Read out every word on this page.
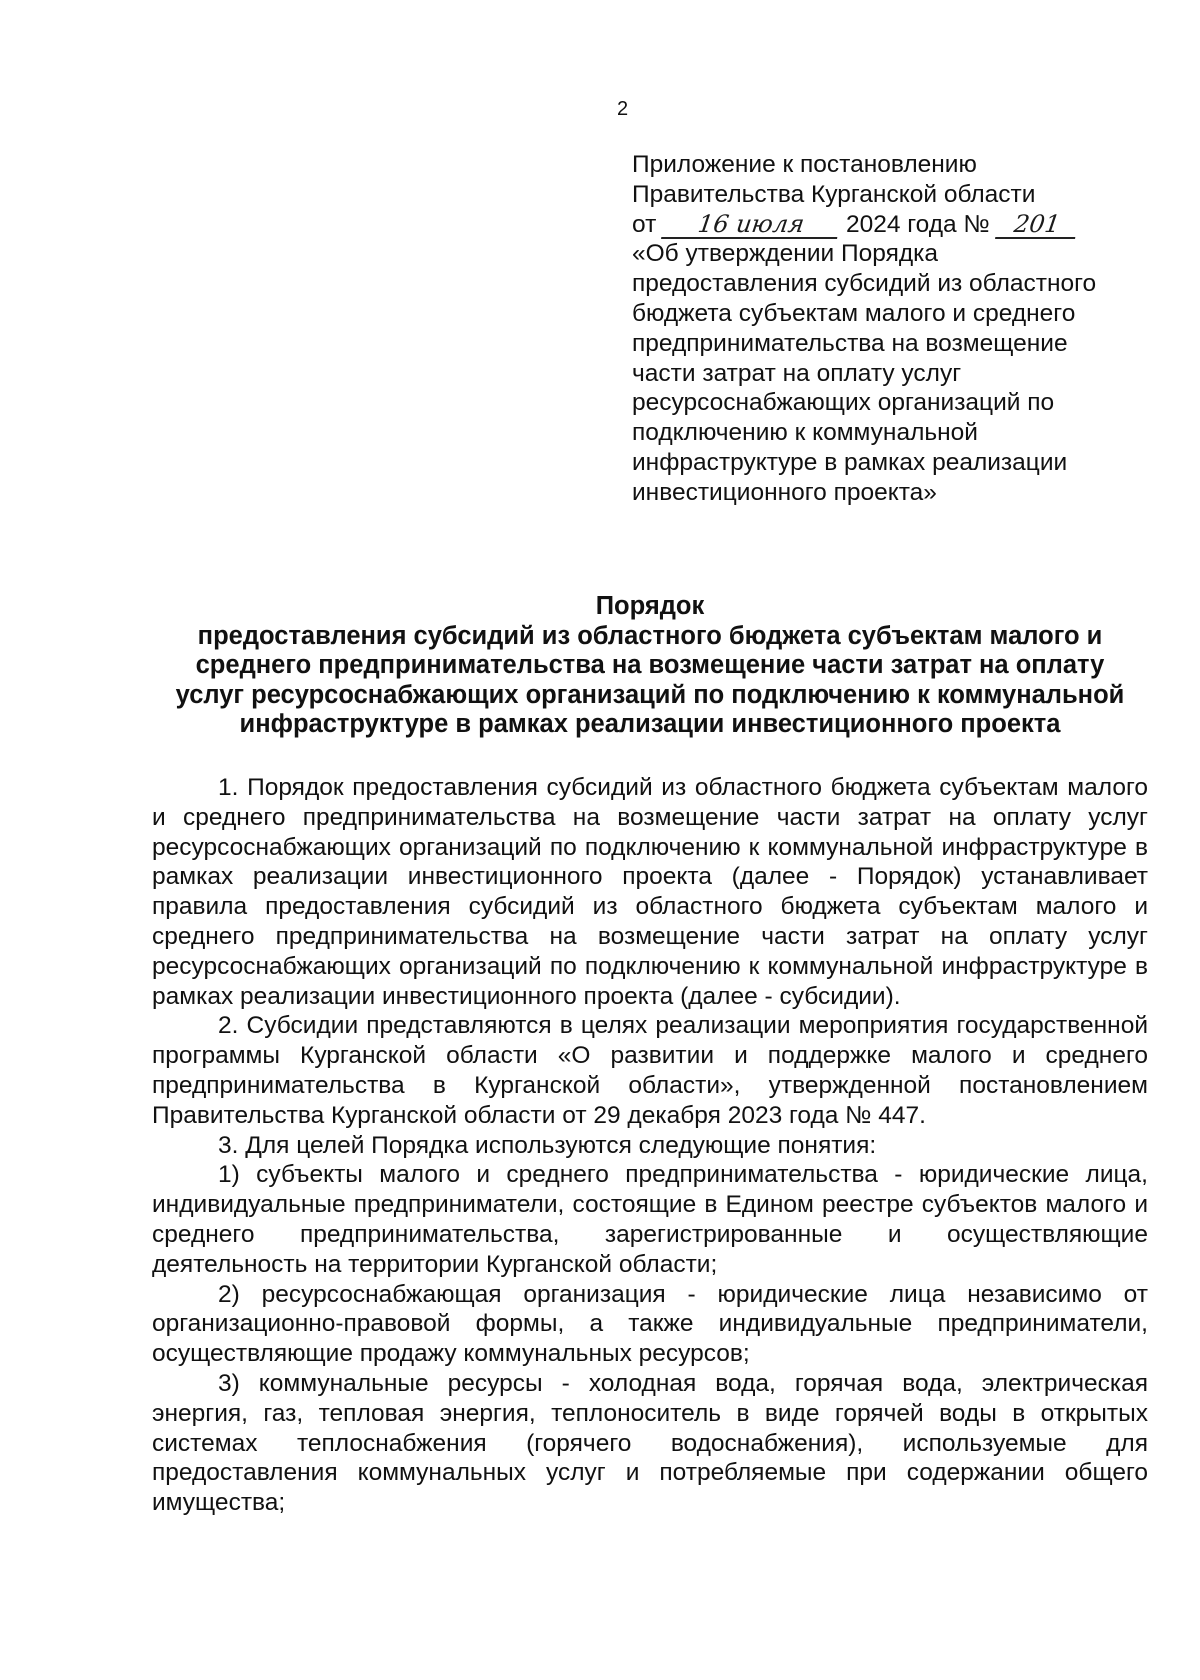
2
Приложение к постановлению
Правительства Курганской области
от 16 июля 2024 года № 201
«Об утверждении Порядка
предоставления субсидий из областного
бюджета субъектам малого и среднего
предпринимательства на возмещение
части затрат на оплату услуг
ресурсоснабжающих организаций по
подключению к коммунальной
инфраструктуре в рамках реализации
инвестиционного проекта»
Порядок
предоставления субсидий из областного бюджета субъектам малого и
среднего предпринимательства на возмещение части затрат на оплату
услуг ресурсоснабжающих организаций по подключению к коммунальной
инфраструктуре в рамках реализации инвестиционного проекта

1. Порядок предоставления субсидий из областного бюджета субъектам малого и среднего предпринимательства на возмещение части затрат на оплату услуг ресурсоснабжающих организаций по подключению к коммунальной инфраструктуре в рамках реализации инвестиционного проекта (далее - Порядок) устанавливает правила предоставления субсидий из областного бюджета субъектам малого и среднего предпринимательства на возмещение части затрат на оплату услуг ресурсоснабжающих организаций по подключению к коммунальной инфраструктуре в рамках реализации инвестиционного проекта (далее - субсидии).

2. Субсидии представляются в целях реализации мероприятия государственной программы Курганской области «О развитии и поддержке малого и среднего предпринимательства в Курганской области», утвержденной постановлением Правительства Курганской области от 29 декабря 2023 года № 447.

3. Для целей Порядка используются следующие понятия:

1) субъекты малого и среднего предпринимательства - юридические лица, индивидуальные предприниматели, состоящие в Едином реестре субъектов малого и среднего предпринимательства, зарегистрированные и осуществляющие деятельность на территории Курганской области;

2) ресурсоснабжающая организация - юридические лица независимо от организационно-правовой формы, а также индивидуальные предприниматели, осуществляющие продажу коммунальных ресурсов;

3) коммунальные ресурсы - холодная вода, горячая вода, электрическая энергия, газ, тепловая энергия, теплоноситель в виде горячей воды в открытых системах теплоснабжения (горячего водоснабжения), используемые для предоставления коммунальных услуг и потребляемые при содержании общего имущества;
